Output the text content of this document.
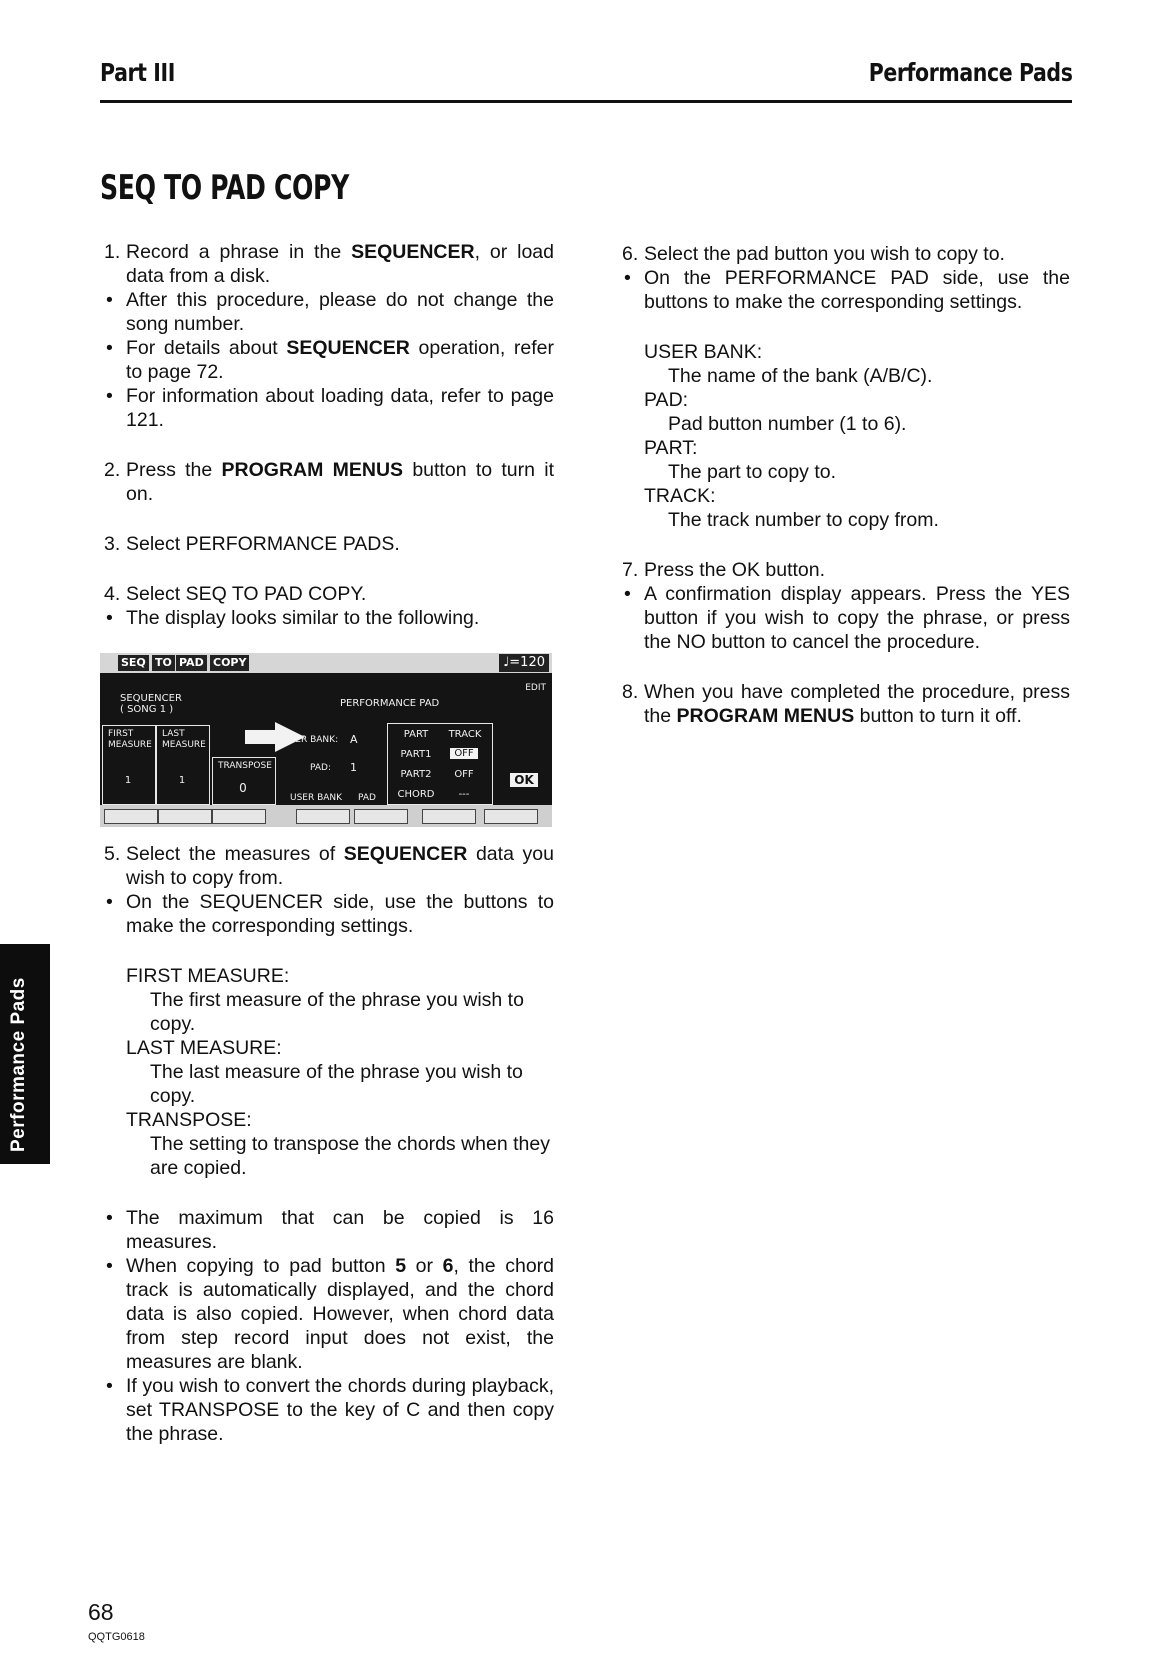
Part III	Performance Pads
SEQ TO PAD COPY

1. Record a phrase in the SEQUENCER, or load data from a disk.

• After this procedure, please do not change the song number.

• For details about SEQUENCER operation, refer to page 72.

• For information about loading data, refer to page 121.

2. Press the PROGRAM MENUS button to turn it on.

3. Select PERFORMANCE PADS.

4. Select SEQ TO PAD COPY.

• The display looks similar to the following.

SEQ TO PAD COPY	♩=120
EDIT
SEQUENCER
( SONG 1 )
PERFORMANCE PAD
FIRST
MEASURE
LAST
MEASURE
1	1
TRANSPOSE
0
USER BANK: A
PAD: 1
PART	TRACK
PART1	OFF
PART2	OFF
CHORD	---
USER BANK PAD
OK

5. Select the measures of SEQUENCER data you wish to copy from.

• On the SEQUENCER side, use the buttons to make the corresponding settings.

FIRST MEASURE:

The first measure of the phrase you wish to copy.

LAST MEASURE:

The last measure of the phrase you wish to copy.

TRANSPOSE:

The setting to transpose the chords when they are copied.

• The maximum that can be copied is 16 measures.

• When copying to pad button 5 or 6, the chord track is automatically displayed, and the chord data is also copied. However, when chord data from step record input does not exist, the measures are blank.

• If you wish to convert the chords during playback, set TRANSPOSE to the key of C and then copy the phrase.

6. Select the pad button you wish to copy to.

• On the PERFORMANCE PAD side, use the buttons to make the corresponding settings.

USER BANK:

The name of the bank (A/B/C).

PAD:

Pad button number (1 to 6).

PART:

The part to copy to.

TRACK:

The track number to copy from.

7. Press the OK button.

• A confirmation display appears. Press the YES button if you wish to copy the phrase, or press the NO button to cancel the procedure.

8. When you have completed the procedure, press the PROGRAM MENUS button to turn it off.

Performance Pads
68
QQTG0618
